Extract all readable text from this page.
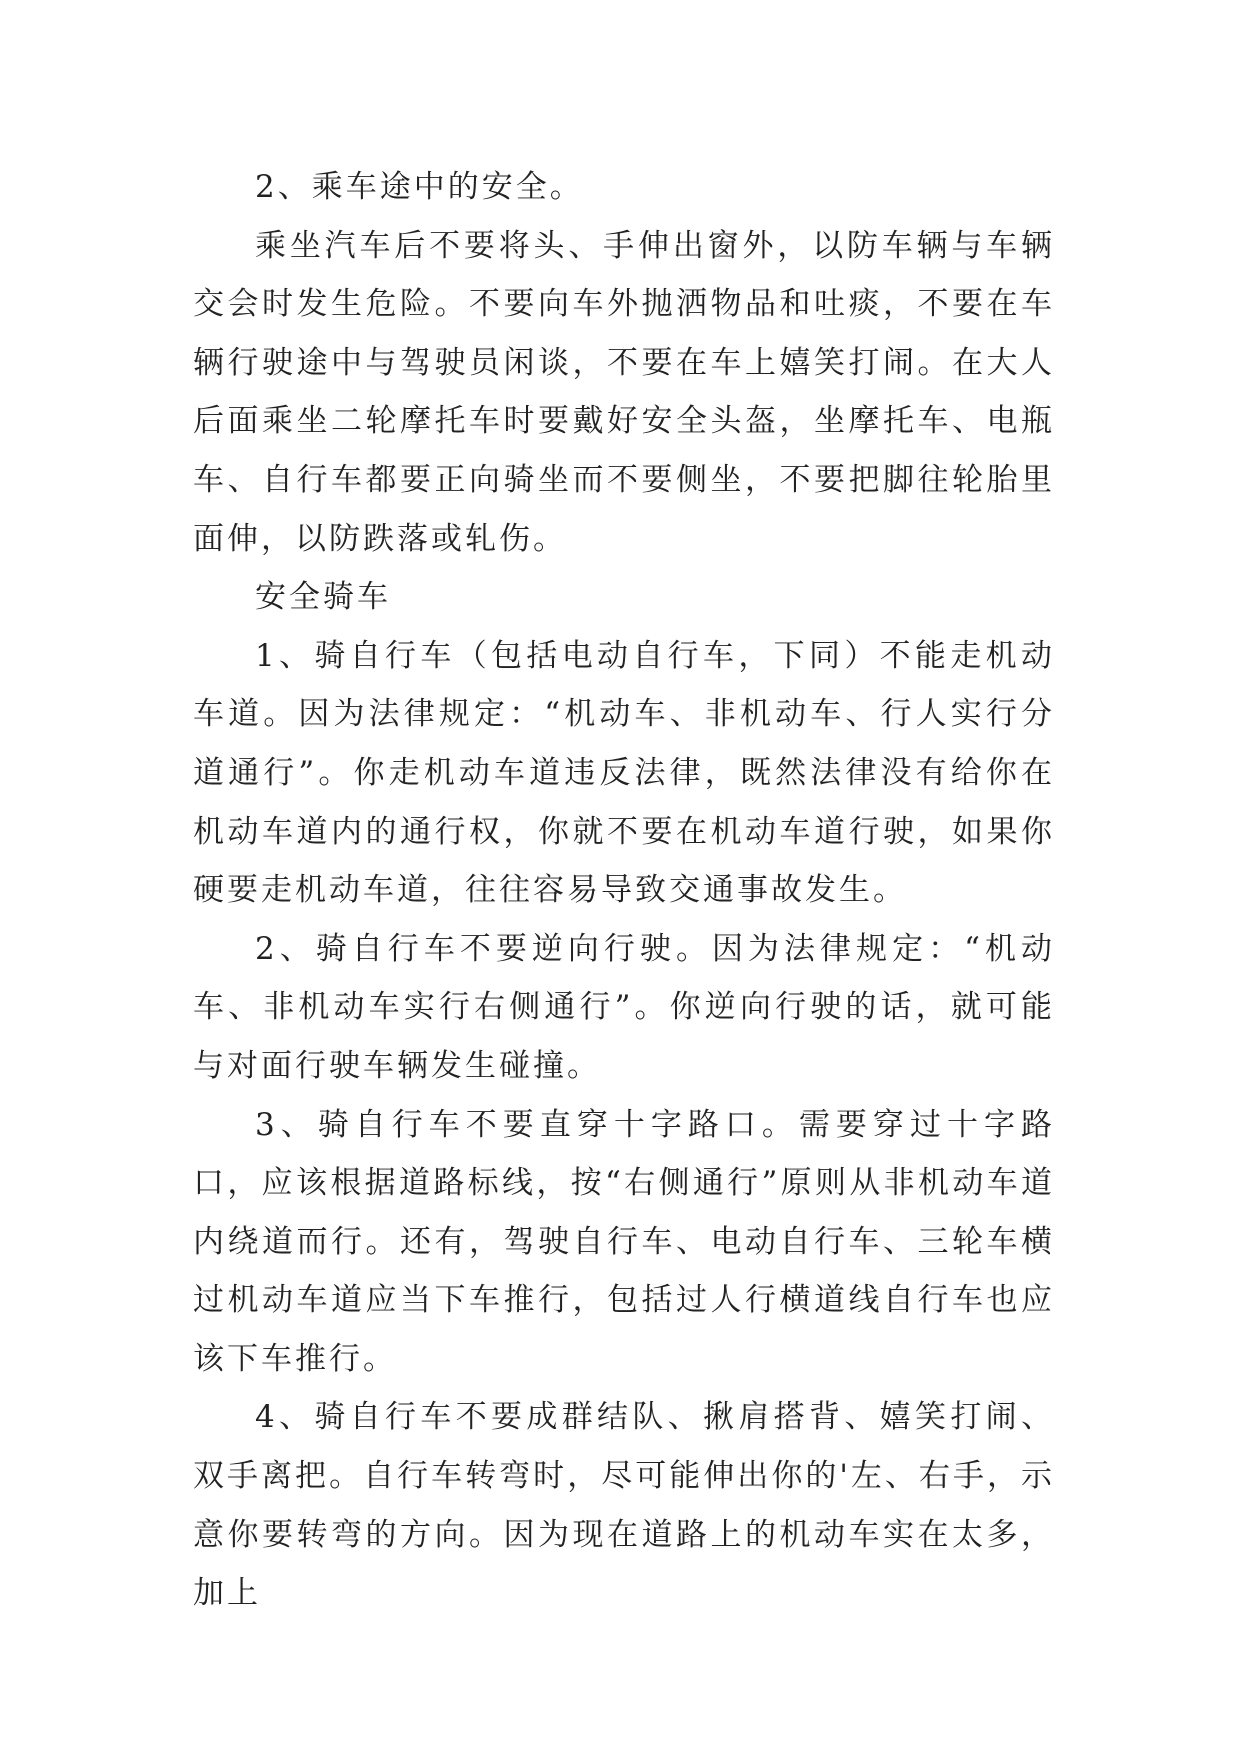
2、乘车途中的安全。

乘坐汽车后不要将头、手伸出窗外，以防车辆与车辆交会时发生危险。不要向车外抛洒物品和吐痰，不要在车辆行驶途中与驾驶员闲谈，不要在车上嬉笑打闹。在大人后面乘坐二轮摩托车时要戴好安全头盔，坐摩托车、电瓶车、自行车都要正向骑坐而不要侧坐，不要把脚往轮胎里面伸，以防跌落或轧伤。

安全骑车

1、骑自行车（包括电动自行车，下同）不能走机动车道。因为法律规定：“机动车、非机动车、行人实行分道通行”。你走机动车道违反法律，既然法律没有给你在机动车道内的通行权，你就不要在机动车道行驶，如果你硬要走机动车道，往往容易导致交通事故发生。

2、骑自行车不要逆向行驶。因为法律规定：“机动车、非机动车实行右侧通行”。你逆向行驶的话，就可能与对面行驶车辆发生碰撞。

3、骑自行车不要直穿十字路口。需要穿过十字路口，应该根据道路标线，按“右侧通行”原则从非机动车道内绕道而行。还有，驾驶自行车、电动自行车、三轮车横过机动车道应当下车推行，包括过人行横道线自行车也应该下车推行。

4、骑自行车不要成群结队、揪肩搭背、嬉笑打闹、双手离把。自行车转弯时，尽可能伸出你的'左、右手，示意你要转弯的方向。因为现在道路上的机动车实在太多，加上
